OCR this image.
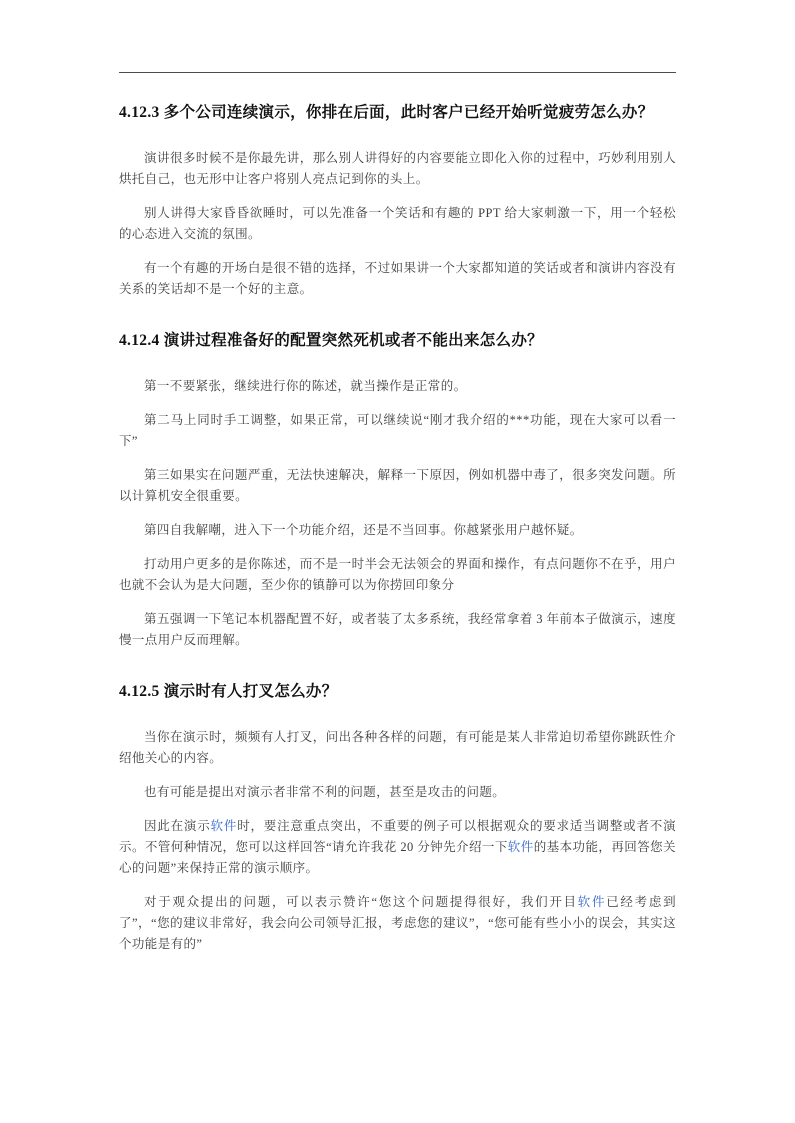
4.12.3 多个公司连续演示，你排在后面，此时客户已经开始听觉疲劳怎么办？

演讲很多时候不是你最先讲，那么别人讲得好的内容要能立即化入你的过程中，巧妙利用别人烘托自己，也无形中让客户将别人亮点记到你的头上。

别人讲得大家昏昏欲睡时，可以先准备一个笑话和有趣的 PPT 给大家刺激一下，用一个轻松的心态进入交流的氛围。

有一个有趣的开场白是很不错的选择，不过如果讲一个大家都知道的笑话或者和演讲内容没有关系的笑话却不是一个好的主意。

4.12.4 演讲过程准备好的配置突然死机或者不能出来怎么办？

第一不要紧张，继续进行你的陈述，就当操作是正常的。

第二马上同时手工调整，如果正常，可以继续说“刚才我介绍的***功能，现在大家可以看一下”

第三如果实在问题严重，无法快速解决，解释一下原因，例如机器中毒了，很多突发问题。所以计算机安全很重要。

第四自我解嘲，进入下一个功能介绍，还是不当回事。你越紧张用户越怀疑。

打动用户更多的是你陈述，而不是一时半会无法领会的界面和操作，有点问题你不在乎，用户也就不会认为是大问题，至少你的镇静可以为你捞回印象分

第五强调一下笔记本机器配置不好，或者装了太多系统，我经常拿着 3 年前本子做演示，速度慢一点用户反而理解。

4.12.5 演示时有人打叉怎么办？

当你在演示时，频频有人打叉，问出各种各样的问题，有可能是某人非常迫切希望你跳跃性介绍他关心的内容。

也有可能是提出对演示者非常不利的问题，甚至是攻击的问题。

因此在演示软件时，要注意重点突出，不重要的例子可以根据观众的要求适当调整或者不演示。不管何种情况，您可以这样回答“请允许我花 20 分钟先介绍一下软件的基本功能，再回答您关心的问题”来保持正常的演示顺序。

对于观众提出的问题，可以表示赞许“您这个问题提得很好，我们开目软件已经考虑到了”，“您的建议非常好，我会向公司领导汇报，考虑您的建议”，“您可能有些小小的误会，其实这个功能是有的”
